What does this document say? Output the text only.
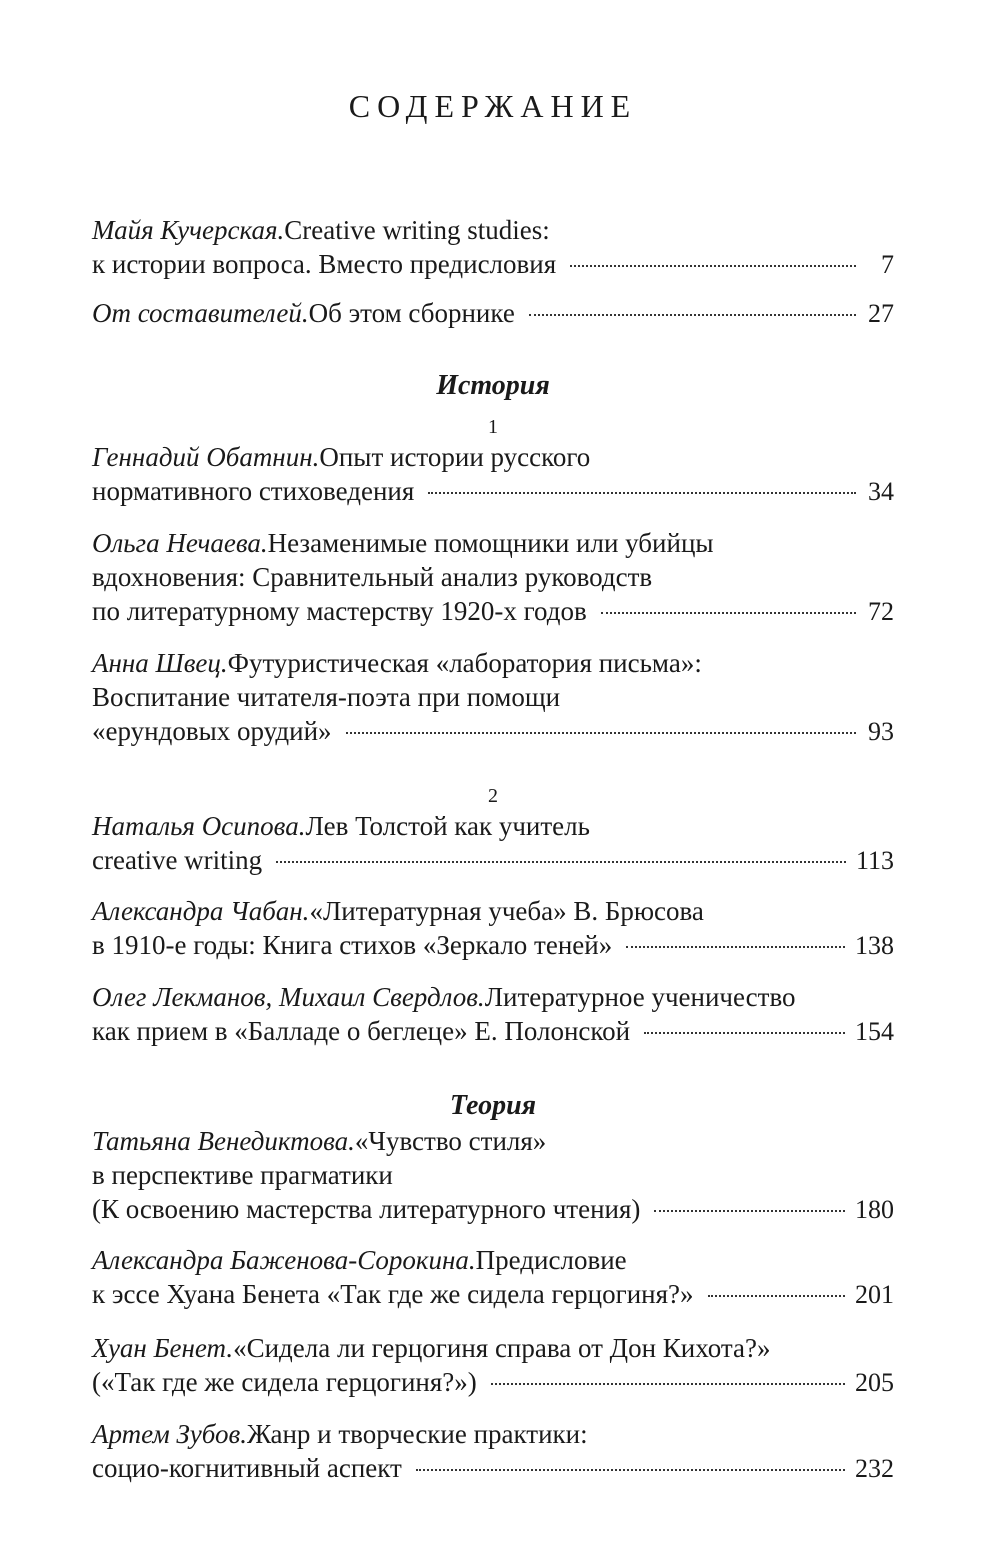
СОДЕРЖАНИЕ
Майя Кучерская. Creative writing studies:
к истории вопроса. Вместо предисловия	7
От составителей. Об этом сборнике	27
История
1
Геннадий Обатнин. Опыт истории русского
нормативного стиховедения	34
Ольга Нечаева. Незаменимые помощники или убийцы
вдохновения: Сравнительный анализ руководств
по литературному мастерству 1920-х годов	72
Анна Швец. Футуристическая «лаборатория письма»:
Воспитание читателя-поэта при помощи
«ерундовых орудий»	93
2
Наталья Осипова. Лев Толстой как учитель
creative writing	113
Александра Чабан. «Литературная учеба» В. Брюсова
в 1910-е годы: Книга стихов «Зеркало теней»	138
Олег Лекманов, Михаил Свердлов. Литературное ученичество
как прием в «Балладе о беглеце» Е. Полонской	154
Теория
Татьяна Венедиктова. «Чувство стиля»
в перспективе прагматики
(К освоению мастерства литературного чтения)	180
Александра Баженова-Сорокина. Предисловие
к эссе Хуана Бенета «Так где же сидела герцогиня?»	201
Хуан Бенет. «Сидела ли герцогиня справа от Дон Кихота?»
(«Так где же сидела герцогиня?»)	205
Артем Зубов. Жанр и творческие практики:
социо-когнитивный аспект	232
